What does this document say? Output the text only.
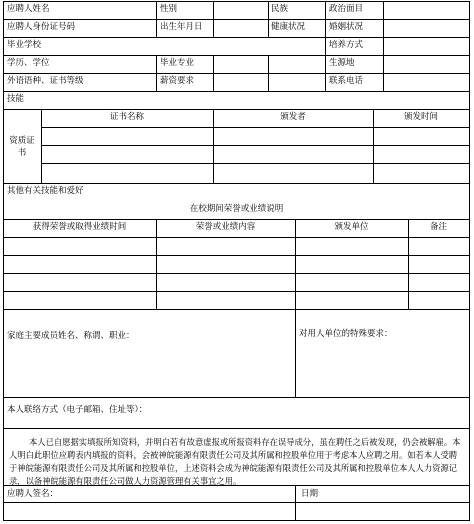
应聘人姓名	性别	民族	政治面目
应聘人身份证号码	出生年月日	健康状况	婚姻状况
毕业学校	培养方式
学历、学位	毕业专业	生源地
外语语种、证书等级	薪资要求	联系电话
技能
资质证书
证书名称	颁发者	颁发时间
其他有关技能和爱好
在校期间荣誉或业绩说明
获得荣誉或取得业绩时间	荣誉或业绩内容	颁发单位	备注
家庭主要成员姓名、称谓、职业：	对用人单位的特殊要求：
本人联络方式（电子邮箱、住址等）：
本人已自愿据实填报所知资料，并明白若有故意虚报或所报资料存在误导成分，虽在聘任之后被发现，仍会被解雇。本人明白此职位应聘表内填报的资料，会被神皖能源有限责任公司及其所属和控股单位用于考虑本人应聘之用。如若本人受聘于神皖能源有限责任公司及其所属和控股单位，上述资料会成为神皖能源有限责任公司及其所属和控股单位本人人力资源记录，以备神皖能源有限责任公司做人力资源管理有关事宜之用。
应聘人签名：	日期
